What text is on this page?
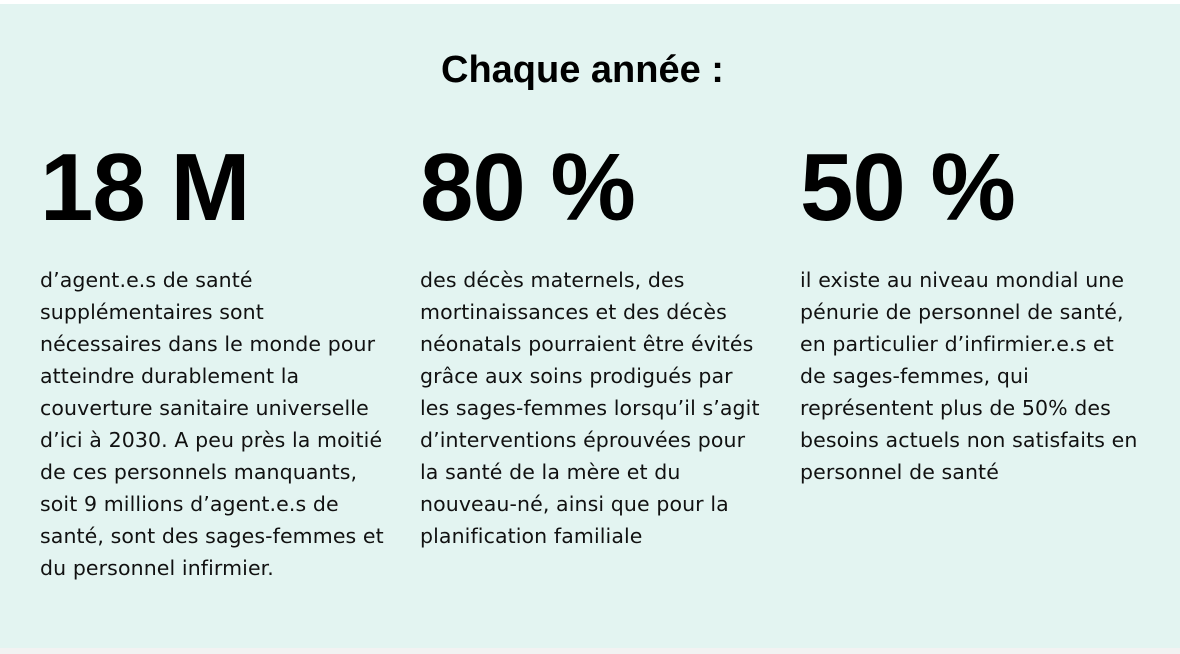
Chaque année :
18 M

d’agent.e.s de santé supplémentaires sont nécessaires dans le monde pour atteindre durablement la couverture sanitaire universelle d’ici à 2030. A peu près la moitié de ces personnels manquants, soit 9 millions d’agent.e.s de santé, sont des sages-femmes et du personnel infirmier.

80 %

des décès maternels, des mortinaissances et des décès néonatals pourraient être évités grâce aux soins prodigués par les sages-femmes lorsqu’il s’agit d’interventions éprouvées pour la santé de la mère et du nouveau-né, ainsi que pour la planification familiale

50 %

il existe au niveau mondial une pénurie de personnel de santé, en particulier d’infirmier.e.s et de sages-femmes, qui représentent plus de 50% des besoins actuels non satisfaits en personnel de santé
